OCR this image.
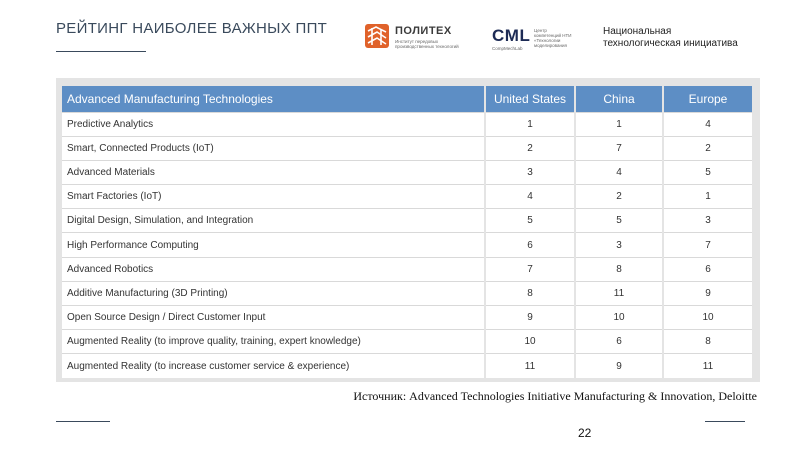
РЕЙТИНГ НАИБОЛЕЕ ВАЖНЫХ ППТ	ПОЛИТЕХ
Институт передовых
производственных технологий
CML Центр
компетенций НТИ
«Технологии
моделирования
CompMechLab
Национальная
технологическая инициатива
Advanced Manufacturing Technologies	United States	China	Europe
Predictive Analytics	1	1	4
Smart, Connected Products (IoT)	2	7	2
Advanced Materials	3	4	5
Smart Factories (IoT)	4	2	1
Digital Design, Simulation, and Integration	5	5	3
High Performance Computing	6	3	7
Advanced Robotics	7	8	6
Additive Manufacturing (3D Printing)	8	11	9
Open Source Design / Direct Customer Input	9	10	10
Augmented Reality (to improve quality, training, expert knowledge)	10	6	8
Augmented Reality (to increase customer service & experience)	11	9	11
Источник: Advanced Technologies Initiative Manufacturing & Innovation, Deloitte
22
